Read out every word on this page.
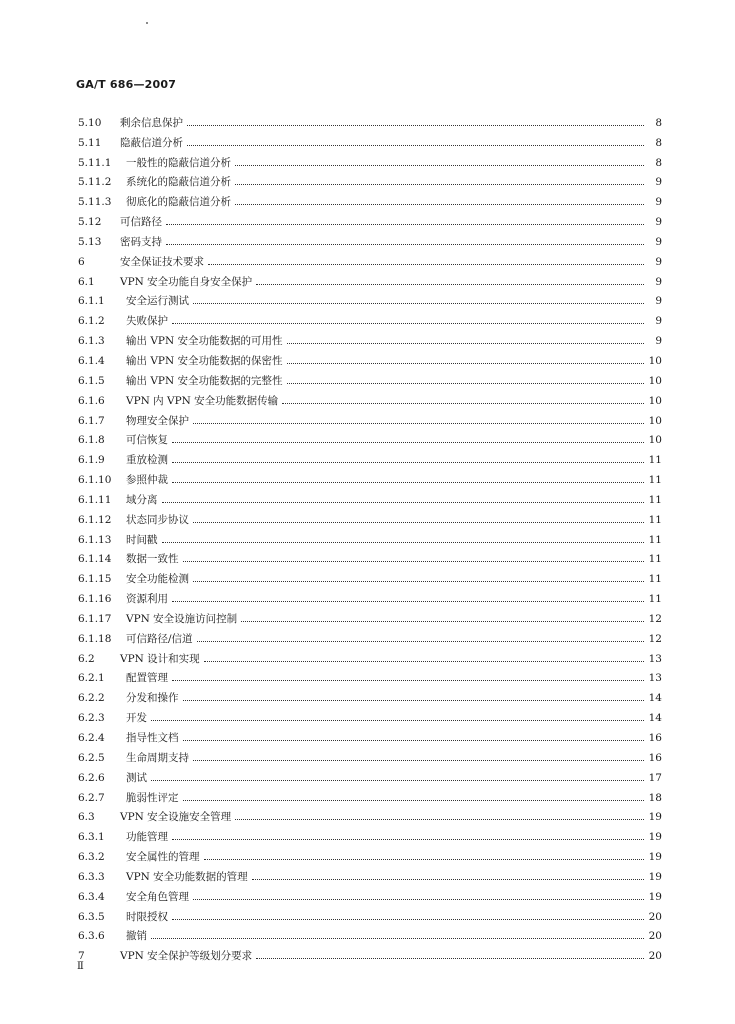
GA/T 686—2007
5.10	剩余信息保护	8
5.11	隐蔽信道分析	8
5.11.1	一般性的隐蔽信道分析	8
5.11.2	系统化的隐蔽信道分析	9
5.11.3	彻底化的隐蔽信道分析	9
5.12	可信路径	9
5.13	密码支持	9
6	安全保证技术要求	9
6.1	VPN 安全功能自身安全保护	9
6.1.1	安全运行测试	9
6.1.2	失败保护	9
6.1.3	输出 VPN 安全功能数据的可用性	9
6.1.4	输出 VPN 安全功能数据的保密性	10
6.1.5	输出 VPN 安全功能数据的完整性	10
6.1.6	VPN 内 VPN 安全功能数据传输	10
6.1.7	物理安全保护	10
6.1.8	可信恢复	10
6.1.9	重放检测	11
6.1.10	参照仲裁	11
6.1.11	域分离	11
6.1.12	状态同步协议	11
6.1.13	时间戳	11
6.1.14	数据一致性	11
6.1.15	安全功能检测	11
6.1.16	资源利用	11
6.1.17	VPN 安全设施访问控制	12
6.1.18	可信路径/信道	12
6.2	VPN 设计和实现	13
6.2.1	配置管理	13
6.2.2	分发和操作	14
6.2.3	开发	14
6.2.4	指导性文档	16
6.2.5	生命周期支持	16
6.2.6	测试	17
6.2.7	脆弱性评定	18
6.3	VPN 安全设施安全管理	19
6.3.1	功能管理	19
6.3.2	安全属性的管理	19
6.3.3	VPN 安全功能数据的管理	19
6.3.4	安全角色管理	19
6.3.5	时限授权	20
6.3.6	撤销	20
7	VPN 安全保护等级划分要求	20
Ⅱ
